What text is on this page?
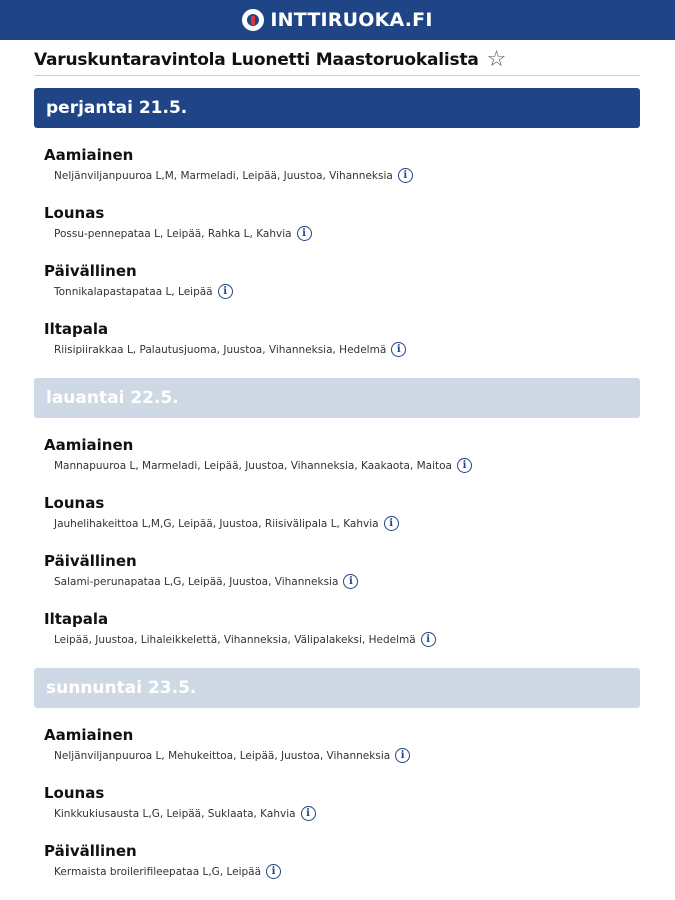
INTTIRUOKA.FI
Varuskuntaravintola Luonetti Maastoruokalista ☆
perjantai 21.5.
Aamiainen
Neljänviljanpuuroa L,M, Marmeladi, Leipää, Juustoa, Vihanneksia	i
Lounas
Possu-pennepataa L, Leipää, Rahka L, Kahvia	i
Päivällinen
Tonnikalapastapataa L, Leipää	i
Iltapala
Riisipiirakkaa L, Palautusjuoma, Juustoa, Vihanneksia, Hedelmä	i
lauantai 22.5.
Aamiainen
Mannapuuroa L, Marmeladi, Leipää, Juustoa, Vihanneksia, Kaakaota, Maitoa	i
Lounas
Jauhelihakeittoa L,M,G, Leipää, Juustoa, Riisivälipala L, Kahvia	i
Päivällinen
Salami-perunapataa L,G, Leipää, Juustoa, Vihanneksia	i
Iltapala
Leipää, Juustoa, Lihaleikkelettä, Vihanneksia, Välipalakeksi, Hedelmä	i
sunnuntai 23.5.
Aamiainen
Neljänviljanpuuroa L, Mehukeittoa, Leipää, Juustoa, Vihanneksia	i
Lounas
Kinkkukiusausta L,G, Leipää, Suklaata, Kahvia	i
Päivällinen
Kermaista broilerifileepataa L,G, Leipää	i
